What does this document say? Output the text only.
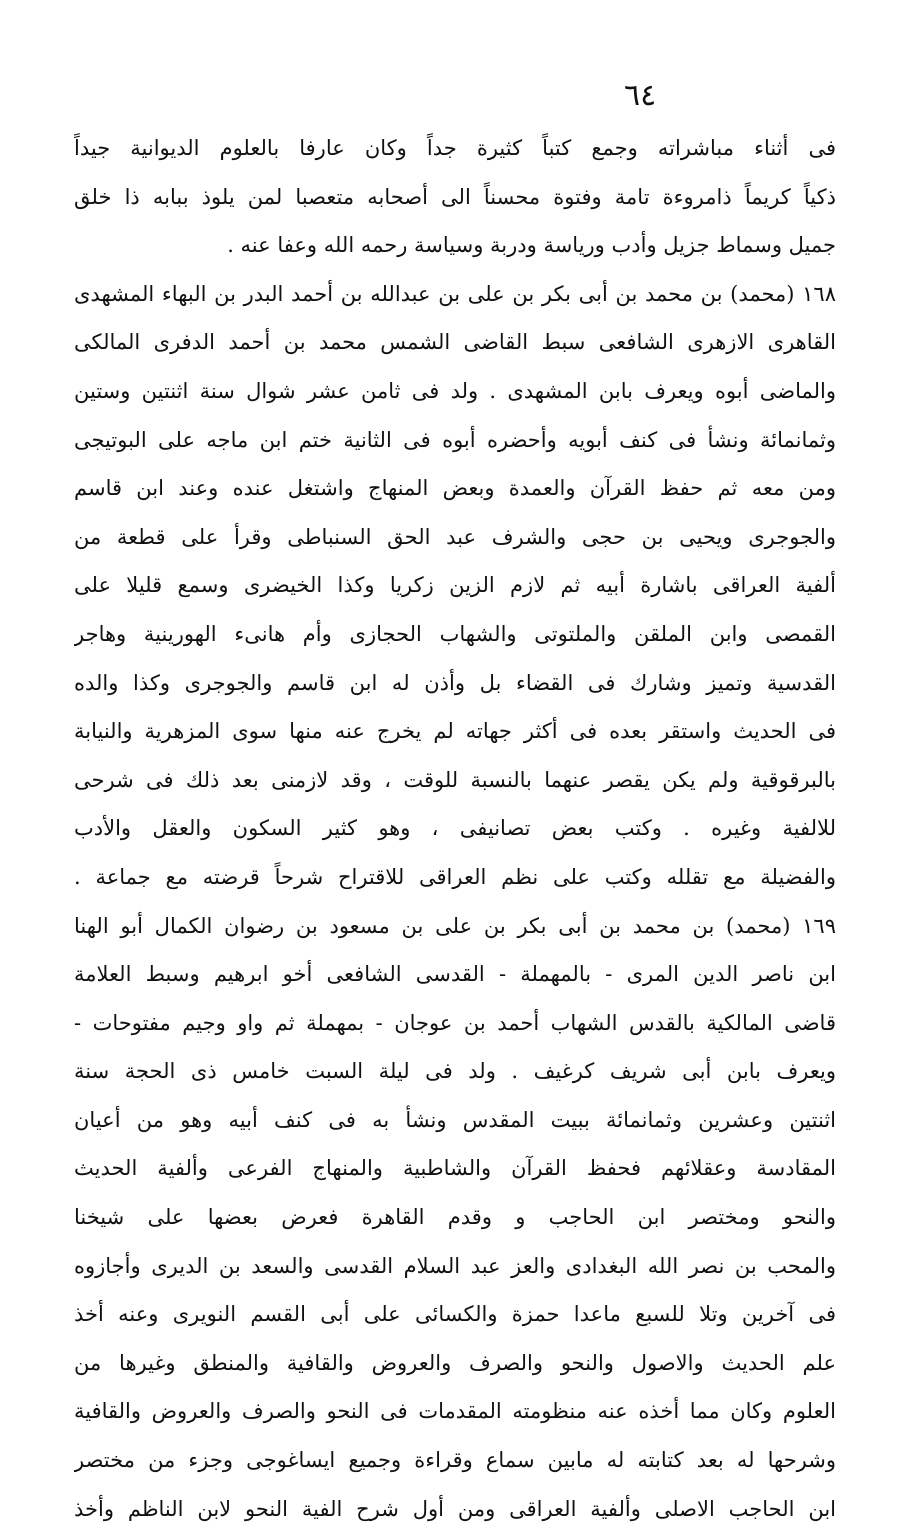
٦٤
فى أثناء مباشراته وجمع كتباً كثيرة جداً وكان عارفا بالعلوم الديوانية جيداً
ذكياً كريماً ذامروءة تامة وفتوة محسناً الى أصحابه متعصبا لمن يلوذ ببابه ذا خلق
جميل وسماط جزيل وأدب ورياسة ودربة وسياسة رحمه الله وعفا عنه .
١٦٨ (محمد) بن محمد بن أبى بكر بن على بن عبدالله بن أحمد البدر بن البهاء المشهدى
القاهرى الازهرى الشافعى سبط القاضى الشمس محمد بن أحمد الدفرى المالكى
والماضى أبوه ويعرف بابن المشهدى . ولد فى ثامن عشر شوال سنة اثنتين وستين
وثمانمائة ونشأ فى كنف أبويه وأحضره أبوه فى الثانية ختم ابن ماجه على البوتيجى
ومن معه ثم حفظ القرآن والعمدة وبعض المنهاج واشتغل عنده وعند ابن قاسم
والجوجرى ويحيى بن حجى والشرف عبد الحق السنباطى وقرأ على قطعة من
ألفية العراقى باشارة أبيه ثم لازم الزين زكريا وكذا الخيضرى وسمع قليلا على
القمصى وابن الملقن والملتوتى والشهاب الحجازى وأم هانىء الهورينية وهاجر
القدسية وتميز وشارك فى القضاء بل وأذن له ابن قاسم والجوجرى وكذا والده
فى الحديث واستقر بعده فى أكثر جهاته لم يخرج عنه منها سوى المزهرية والنيابة
بالبرقوقية ولم يكن يقصر عنهما بالنسبة للوقت ، وقد لازمنى بعد ذلك فى شرحى
للالفية وغيره . وكتب بعض تصانيفى ، وهو كثير السكون والعقل والأدب
والفضيلة مع تقلله وكتب على نظم العراقى للاقتراح شرحاً قرضته مع جماعة .
١٦٩ (محمد) بن محمد بن أبى بكر بن على بن مسعود بن رضوان الكمال أبو الهنا
ابن ناصر الدين المرى - بالمهملة - القدسى الشافعى أخو ابرهيم وسبط العلامة
قاضى المالكية بالقدس الشهاب أحمد بن عوجان - بمهملة ثم واو وجيم مفتوحات -
ويعرف بابن أبى شريف كرغيف . ولد فى ليلة السبت خامس ذى الحجة سنة
اثنتين وعشرين وثمانمائة ببيت المقدس ونشأ به فى كنف أبيه وهو من أعيان
المقادسة وعقلائهم فحفظ القرآن والشاطبية والمنهاج الفرعى وألفية الحديث
والنحو ومختصر ابن الحاجب و وقدم القاهرة فعرض بعضها على شيخنا
والمحب بن نصر الله البغدادى والعز عبد السلام القدسى والسعد بن الديرى وأجازوه
فى آخرين وتلا للسبع ماعدا حمزة والكسائى على أبى القسم النويرى وعنه أخذ
علم الحديث والاصول والنحو والصرف والعروض والقافية والمنطق وغيرها من
العلوم وكان مما أخذه عنه منظومته المقدمات فى النحو والصرف والعروض والقافية
وشرحها له بعد كتابته له مابين سماع وقراءة وجميع ايساغوجى وجزء من مختصر
ابن الحاجب الاصلى وألفية العراقى ومن أول شرح الفية النحو لابن الناظم وأخذ
